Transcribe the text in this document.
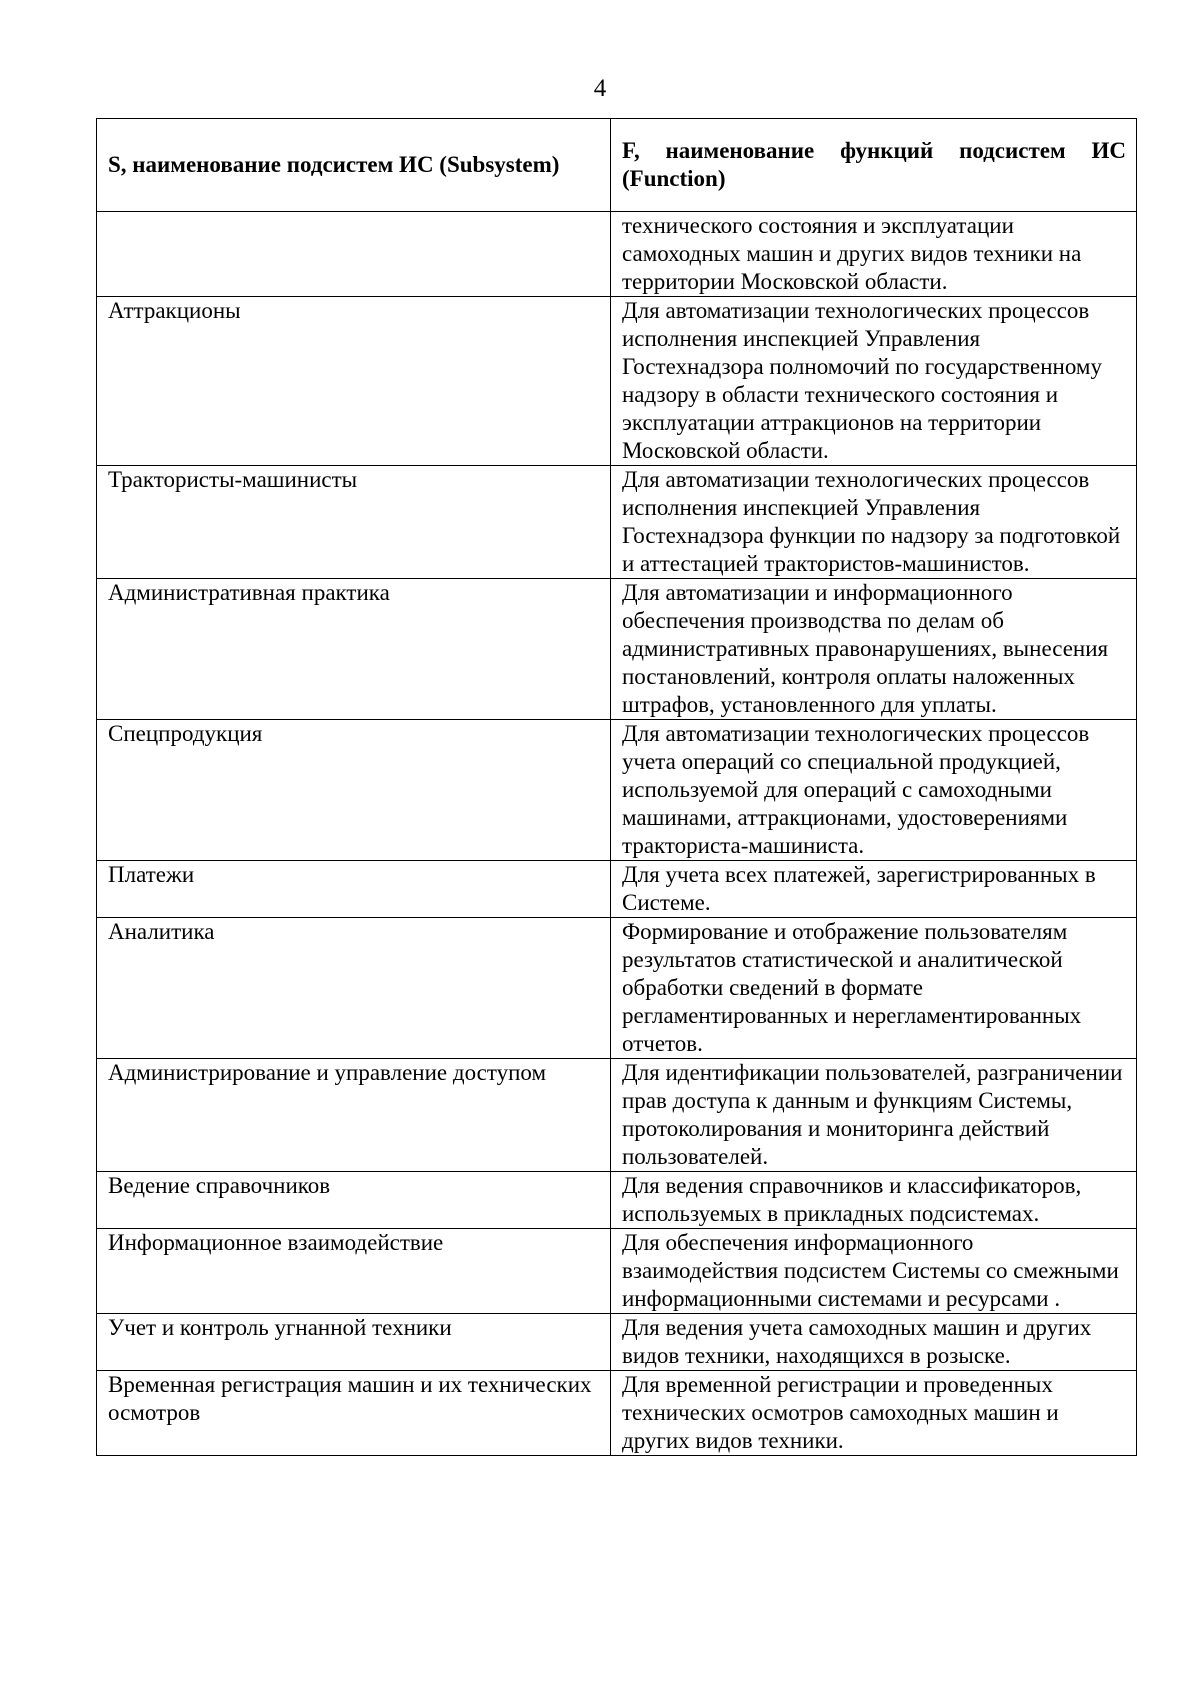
4
S, наименование подсистем ИС (Subsystem)	F, наименование функций подсистем ИС (Function)

	технического состояния и эксплуатации самоходных машин и других видов техники на территории Московской области.

Аттракционы	Для автоматизации технологических процессов исполнения инспекцией Управления Гостехнадзора полномочий по государственному надзору в области технического состояния и эксплуатации аттракционов на территории Московской области.

Трактористы-машинисты	Для автоматизации технологических процессов исполнения инспекцией Управления Гостехнадзора функции по надзору за подготовкой и аттестацией трактористов-машинистов.

Административная практика	Для автоматизации и информационного обеспечения производства по делам об административных правонарушениях, вынесения постановлений, контроля оплаты наложенных штрафов, установленного для уплаты.

Спецпродукция	Для автоматизации технологических процессов учета операций со специальной продукцией, используемой для операций с самоходными машинами, аттракционами, удостоверениями тракториста-машиниста.

Платежи	Для учета всех платежей, зарегистрированных в Системе.

Аналитика	Формирование и отображение пользователям результатов статистической и аналитической обработки сведений в формате регламентированных и нерегламентированных отчетов.

Администрирование и управление доступом	Для идентификации пользователей, разграничении прав доступа к данным и функциям Системы, протоколирования и мониторинга действий пользователей.

Ведение справочников	Для ведения справочников и классификаторов, используемых в прикладных подсистемах.

Информационное взаимодействие	Для обеспечения информационного взаимодействия подсистем Системы со смежными информационными системами и ресурсами .

Учет и контроль угнанной техники	Для ведения учета самоходных машин и других видов техники, находящихся в розыске.

Временная регистрация машин и их технических осмотров	Для временной регистрации и проведенных технических осмотров самоходных машин и других видов техники.
